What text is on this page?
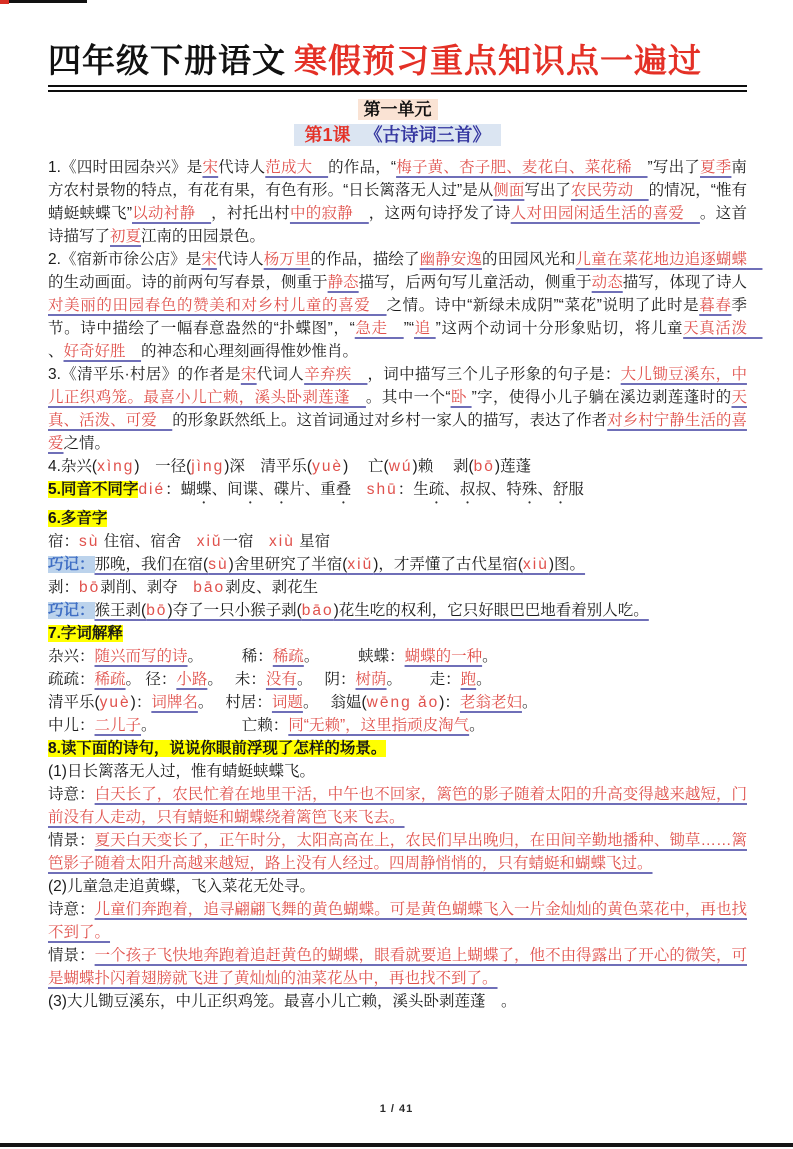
四年级下册语文 寒假预习重点知识点一遍过
第一单元
第1课 《古诗词三首》
1.《四时田园杂兴》是宋代诗人范成大　的作品，“梅子黄、杏子肥、麦花白、菜花稀　”写出了夏季南方农村景物的特点，有花有果，有色有形。“日长篱落无人过”是从侧面写出了农民劳动　的情况，“惟有蜻蜓蛱蝶飞”以动衬静　，衬托出村中的寂静　，这两句诗抒发了诗人对田园闲适生活的喜爱　。这首诗描写了初夏江南的田园景色。
2.《宿新市徐公店》是宋代诗人杨万里的作品，描绘了幽静安逸的田园风光和儿童在菜花地边追逐蝴蝶　的生动画面。诗的前两句写春景，侧重于静态描写，后两句写儿童活动，侧重于动态描写，体现了诗人对美丽的田园春色的赞美和对乡村儿童的喜爱　之情。诗中“新绿未成阴”“菜花”说明了此时是暮春季节。诗中描绘了一幅春意盎然的“扑蝶图”，“急走　”“追 ”这两个动词十分形象贴切，将儿童天真活泼　、好奇好胜　的神态和心理刻画得惟妙惟肖。
3.《清平乐·村居》的作者是宋代词人辛弃疾　，词中描写三个儿子形象的句子是：大儿锄豆溪东，中儿正织鸡笼。最喜小儿亡赖，溪头卧剥莲蓬　。其中一个“卧 ”字，使得小儿子躺在溪边剥莲蓬时的天真、活泼、可爱　的形象跃然纸上。这首词通过对乡村一家人的描写，表达了作者对乡村宁静生活的喜爱之情。
4.杂兴(xìng)　一径(jìng)深　清平乐(yuè)　 亡(wú)赖　 剥(bō)莲蓬
5.同音不同字dié：蝴蝶、间谍、碟片、重叠　 shū：生疏、叔叔、特殊、舒服
6.多音字
宿：sù 住宿、宿舍　xiǔ一宿　xiù 星宿
巧记：那晚，我们在宿(sù)舍里研究了半宿(xiǔ)，才弄懂了古代星宿(xiù)图。
剥：bō剥削、剥夺　bāo剥皮、剥花生
巧记：猴王剥(bō)夺了一只小猴子剥(bāo)花生吃的权利，它只好眼巴巴地看着别人吃。
7.字词解释
杂兴：随兴而写的诗。　　　稀：稀疏。　　　蛱蝶：蝴蝶的一种。
疏疏：稀疏。 径：小路。　 未：没有。　 阴：树荫。　　 走：跑。
清平乐(yuè)：词牌名。　 村居：词题。　 翁媪(wēng ǎo)：老翁老妇。
中儿：二儿子。　　　　　　亡赖：同“无赖”，这里指顽皮淘气。
8.读下面的诗句，说说你眼前浮现了怎样的场景。
(1)日长篱落无人过，惟有蜻蜓蛱蝶飞。
诗意：白天长了，农民忙着在地里干活，中午也不回家，篱笆的影子随着太阳的升高变得越来越短，门前没有人走动，只有蜻蜓和蝴蝶绕着篱笆飞来飞去。
情景：夏天白天变长了，正午时分，太阳高高在上，农民们早出晚归，在田间辛勤地播种、锄草……篱笆影子随着太阳升高越来越短，路上没有人经过。四周静悄悄的，只有蜻蜓和蝴蝶飞过。
(2)儿童急走追黄蝶，飞入菜花无处寻。
诗意：儿童们奔跑着，追寻翩翩飞舞的黄色蝴蝶。可是黄色蝴蝶飞入一片金灿灿的黄色菜花中，再也找不到了。
情景：一个孩子飞快地奔跑着追赶黄色的蝴蝶，眼看就要追上蝴蝶了，他不由得露出了开心的微笑，可是蝴蝶扑闪着翅膀就飞进了黄灿灿的油菜花丛中，再也找不到了。
(3)大儿锄豆溪东，中儿正织鸡笼。最喜小儿亡赖，溪头卧剥莲蓬　。
1 / 41
